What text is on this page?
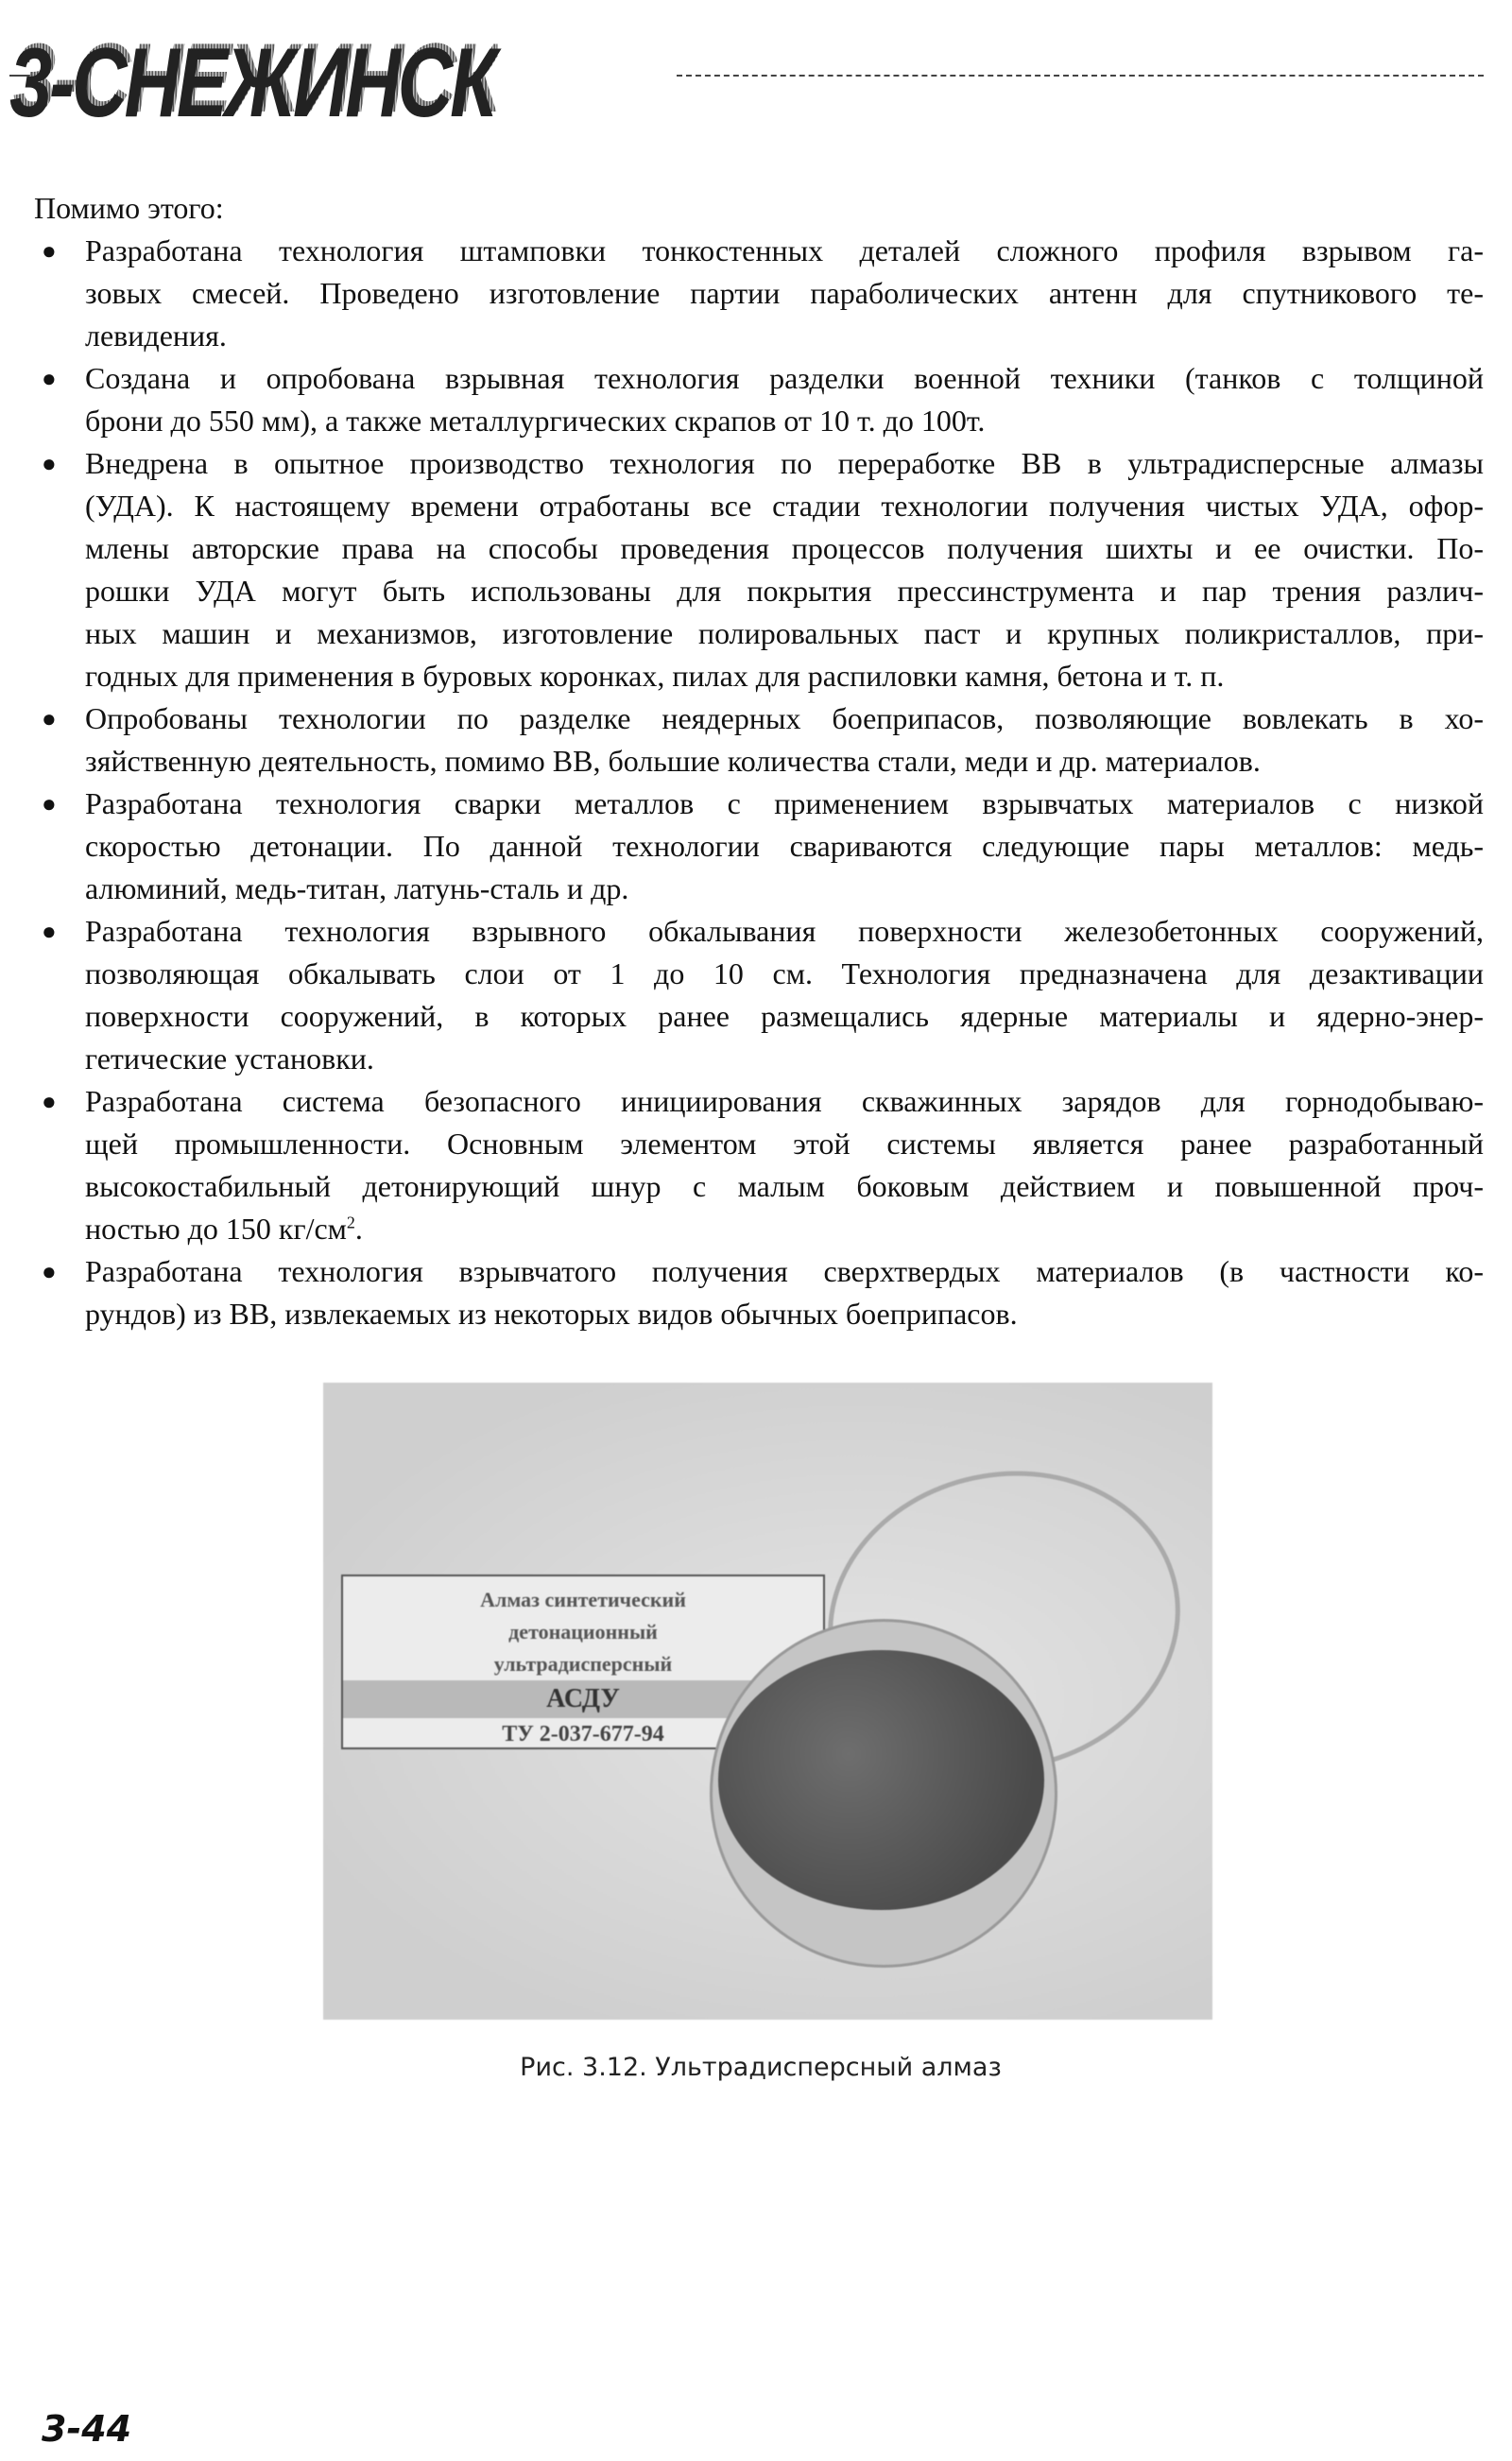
3-СНЕЖИНСК
Помимо этого:
● Разработана технология штамповки тонкостенных деталей сложного профиля взрывом га-
зовых смесей. Проведено изготовление партии параболических антенн для спутникового те-
левидения.
● Создана и опробована взрывная технология разделки военной техники (танков с толщиной
брони до 550 мм), а также металлургических скрапов от 10 т. до 100т.
● Внедрена в опытное производство технология по переработке ВВ в ультрадисперсные алмазы
(УДА). К настоящему времени отработаны все стадии технологии получения чистых УДА, офор-
млены авторские права на способы проведения процессов получения шихты и ее очистки. По-
рошки УДА могут быть использованы для покрытия прессинструмента и пар трения различ-
ных машин и механизмов, изготовление полировальных паст и крупных поликристаллов, при-
годных для применения в буровых коронках, пилах для распиловки камня, бетона и т. п.
● Опробованы технологии по разделке неядерных боеприпасов, позволяющие вовлекать в хо-
зяйственную деятельность, помимо ВВ, большие количества стали, меди и др. материалов.
● Разработана технология сварки металлов с применением взрывчатых материалов с низкой
скоростью детонации. По данной технологии свариваются следующие пары металлов: медь-
алюминий, медь-титан, латунь-сталь и др.
● Разработана технология взрывного обкалывания поверхности железобетонных сооружений,
позволяющая обкалывать слои от 1 до 10 см. Технология предназначена для дезактивации
поверхности сооружений, в которых ранее размещались ядерные материалы и ядерно-энер-
гетические установки.
● Разработана система безопасного инициирования скважинных зарядов для горнодобываю-
щей промышленности. Основным элементом этой системы является ранее разработанный
высокостабильный детонирующий шнур с малым боковым действием и повышенной проч-
ностью до 150 $кг/см^2$.
● Разработана технология взрывчатого получения сверхтвердых материалов (в частности ко-
рундов) из ВВ, извлекаемых из некоторых видов обычных боеприпасов.
Алмаз синтетический
детонационный
ультрадисперсный
АСДУ
ТУ 2-037-677-94
Рис. 3.12. Ультрадисперсный алмаз
3-44
